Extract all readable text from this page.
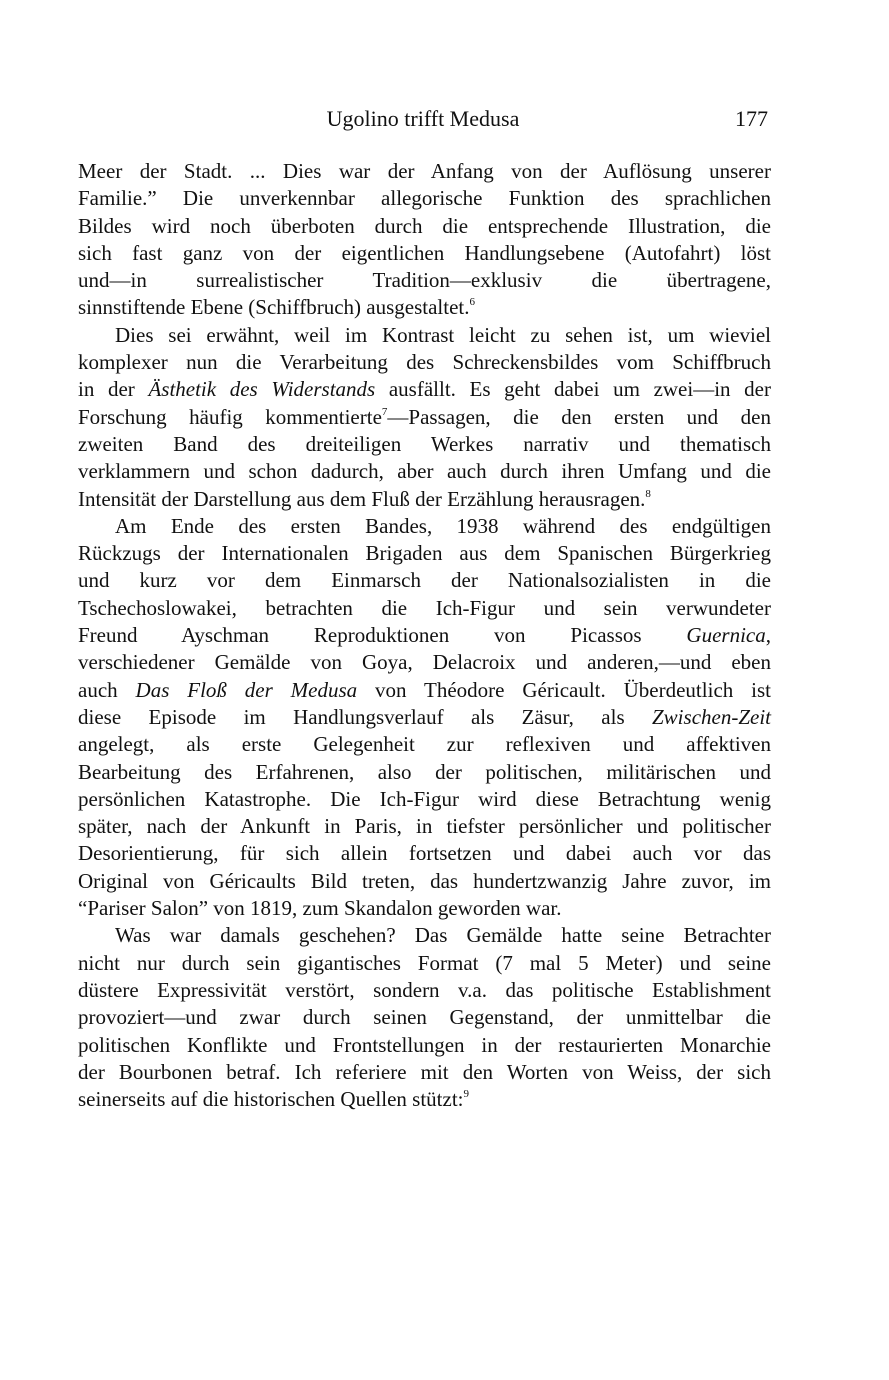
Ugolino trifft Medusa	177
Meer der Stadt. ... Dies war der Anfang von der Auflösung unserer
Familie.” Die unverkennbar allegorische Funktion des sprachlichen
Bildes wird noch überboten durch die entsprechende Illustration, die
sich fast ganz von der eigentlichen Handlungsebene (Autofahrt) löst
und—in surrealistischer Tradition—exklusiv die übertragene,
sinnstiftende Ebene (Schiffbruch) ausgestaltet.$^6$
Dies sei erwähnt, weil im Kontrast leicht zu sehen ist, um wieviel
komplexer nun die Verarbeitung des Schreckensbildes vom Schiffbruch
in der Ästhetik des Widerstands ausfällt. Es geht dabei um zwei—in der
Forschung häufig kommentierte$^7$—Passagen, die den ersten und den
zweiten Band des dreiteiligen Werkes narrativ und thematisch
verklammern und schon dadurch, aber auch durch ihren Umfang und die
Intensität der Darstellung aus dem Fluß der Erzählung herausragen.$^8$
Am Ende des ersten Bandes, 1938 während des endgültigen
Rückzugs der Internationalen Brigaden aus dem Spanischen Bürgerkrieg
und kurz vor dem Einmarsch der Nationalsozialisten in die
Tschechoslowakei, betrachten die Ich-Figur und sein verwundeter
Freund Ayschman Reproduktionen von Picassos Guernica,
verschiedener Gemälde von Goya, Delacroix und anderen,—und eben
auch Das Floß der Medusa von Théodore Géricault. Überdeutlich ist
diese Episode im Handlungsverlauf als Zäsur, als Zwischen-Zeit
angelegt, als erste Gelegenheit zur reflexiven und affektiven
Bearbeitung des Erfahrenen, also der politischen, militärischen und
persönlichen Katastrophe. Die Ich-Figur wird diese Betrachtung wenig
später, nach der Ankunft in Paris, in tiefster persönlicher und politischer
Desorientierung, für sich allein fortsetzen und dabei auch vor das
Original von Géricaults Bild treten, das hundertzwanzig Jahre zuvor, im
“Pariser Salon” von 1819, zum Skandalon geworden war.
Was war damals geschehen? Das Gemälde hatte seine Betrachter
nicht nur durch sein gigantisches Format (7 mal 5 Meter) und seine
düstere Expressivität verstört, sondern v.a. das politische Establishment
provoziert—und zwar durch seinen Gegenstand, der unmittelbar die
politischen Konflikte und Frontstellungen in der restaurierten Monarchie
der Bourbonen betraf. Ich referiere mit den Worten von Weiss, der sich
seinerseits auf die historischen Quellen stützt:$^9$
